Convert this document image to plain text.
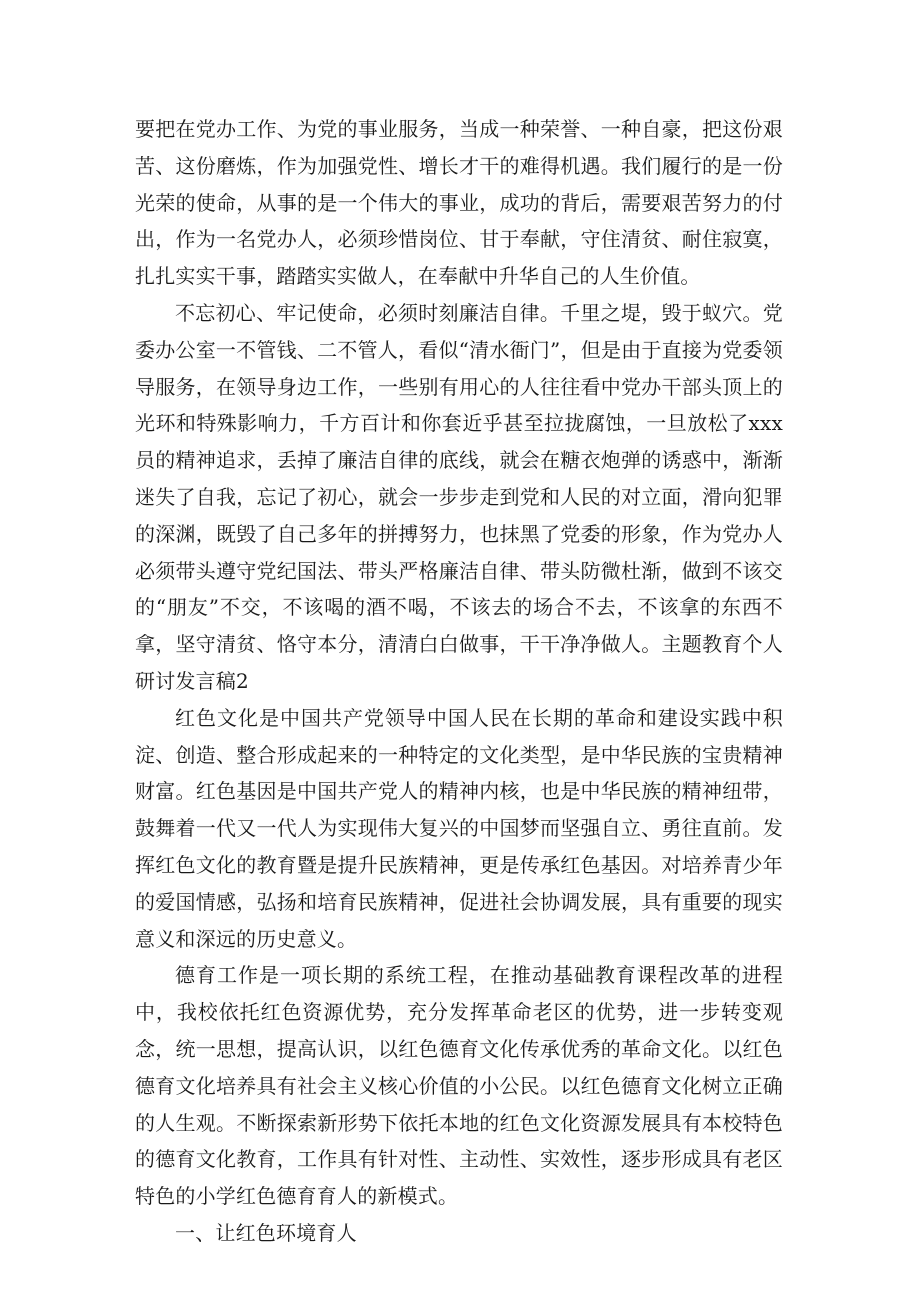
要把在党办工作、为党的事业服务，当成一种荣誉、一种自豪，把这份艰苦、这份磨炼，作为加强党性、增长才干的难得机遇。我们履行的是一份光荣的使命，从事的是一个伟大的事业，成功的背后，需要艰苦努力的付出，作为一名党办人，必须珍惜岗位、甘于奉献，守住清贫、耐住寂寞，扎扎实实干事，踏踏实实做人，在奉献中升华自己的人生价值。

不忘初心、牢记使命，必须时刻廉洁自律。千里之堤，毁于蚁穴。党委办公室一不管钱、二不管人，看似“清水衙门”，但是由于直接为党委领导服务，在领导身边工作，一些别有用心的人往往看中党办干部头顶上的光环和特殊影响力，千方百计和你套近乎甚至拉拢腐蚀，一旦放松了xxx员的精神追求，丢掉了廉洁自律的底线，就会在糖衣炮弹的诱惑中，渐渐迷失了自我，忘记了初心，就会一步步走到党和人民的对立面，滑向犯罪的深渊，既毁了自己多年的拼搏努力，也抹黑了党委的形象，作为党办人必须带头遵守党纪国法、带头严格廉洁自律、带头防微杜渐，做到不该交的“朋友”不交，不该喝的酒不喝，不该去的场合不去，不该拿的东西不拿，坚守清贫、恪守本分，清清白白做事，干干净净做人。主题教育个人研讨发言稿2

红色文化是中国共产党领导中国人民在长期的革命和建设实践中积淀、创造、整合形成起来的一种特定的文化类型，是中华民族的宝贵精神财富。红色基因是中国共产党人的精神内核，也是中华民族的精神纽带，鼓舞着一代又一代人为实现伟大复兴的中国梦而坚强自立、勇往直前。发挥红色文化的教育暨是提升民族精神，更是传承红色基因。对培养青少年的爱国情感，弘扬和培育民族精神，促进社会协调发展，具有重要的现实意义和深远的历史意义。

德育工作是一项长期的系统工程，在推动基础教育课程改革的进程中，我校依托红色资源优势，充分发挥革命老区的优势，进一步转变观念，统一思想，提高认识，以红色德育文化传承优秀的革命文化。以红色德育文化培养具有社会主义核心价值的小公民。以红色德育文化树立正确的人生观。不断探索新形势下依托本地的红色文化资源发展具有本校特色的德育文化教育，工作具有针对性、主动性、实效性，逐步形成具有老区特色的小学红色德育育人的新模式。

一、让红色环境育人
